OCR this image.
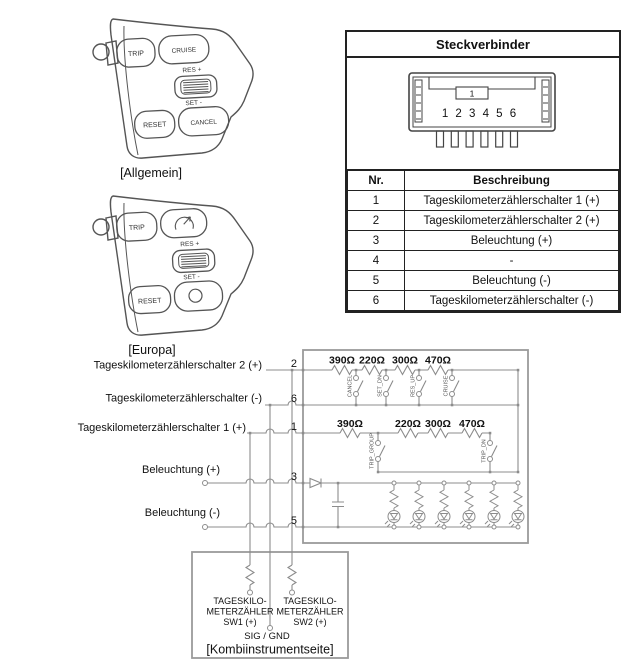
TRIP	CRUISE
RES +
SET -
RESET	CANCEL
[Allgemein]
TRIP
RES +
SET -
RESET
[Europa]
Steckverbinder
1
1 2 3 4 5 6
Nr.	Beschreibung
1	Tageskilometerzählerschalter 1 (+)
2	Tageskilometerzählerschalter 2 (+)
3	Beleuchtung (+)
4	-
5	Beleuchtung (-)
6	Tageskilometerzählerschalter (-)
Tageskilometerzählerschalter 2 (+)
Tageskilometerzählerschalter (-)
Tageskilometerzählerschalter 1 (+)
Beleuchtung (+)
Beleuchtung (-)
2
6
1
3
5
390Ω 220Ω 300Ω 470Ω
390Ω	220Ω 300Ω 470Ω
CANCEL	SET_DN	RES_UP	CRUISE
TRIP_GROUP	TRIP_DN
TAGESKILO-
METERZÄHLER
SW1 (+)
TAGESKILO-
METERZÄHLER
SW2 (+)
SIG / GND
[Kombiinstrumentseite]
